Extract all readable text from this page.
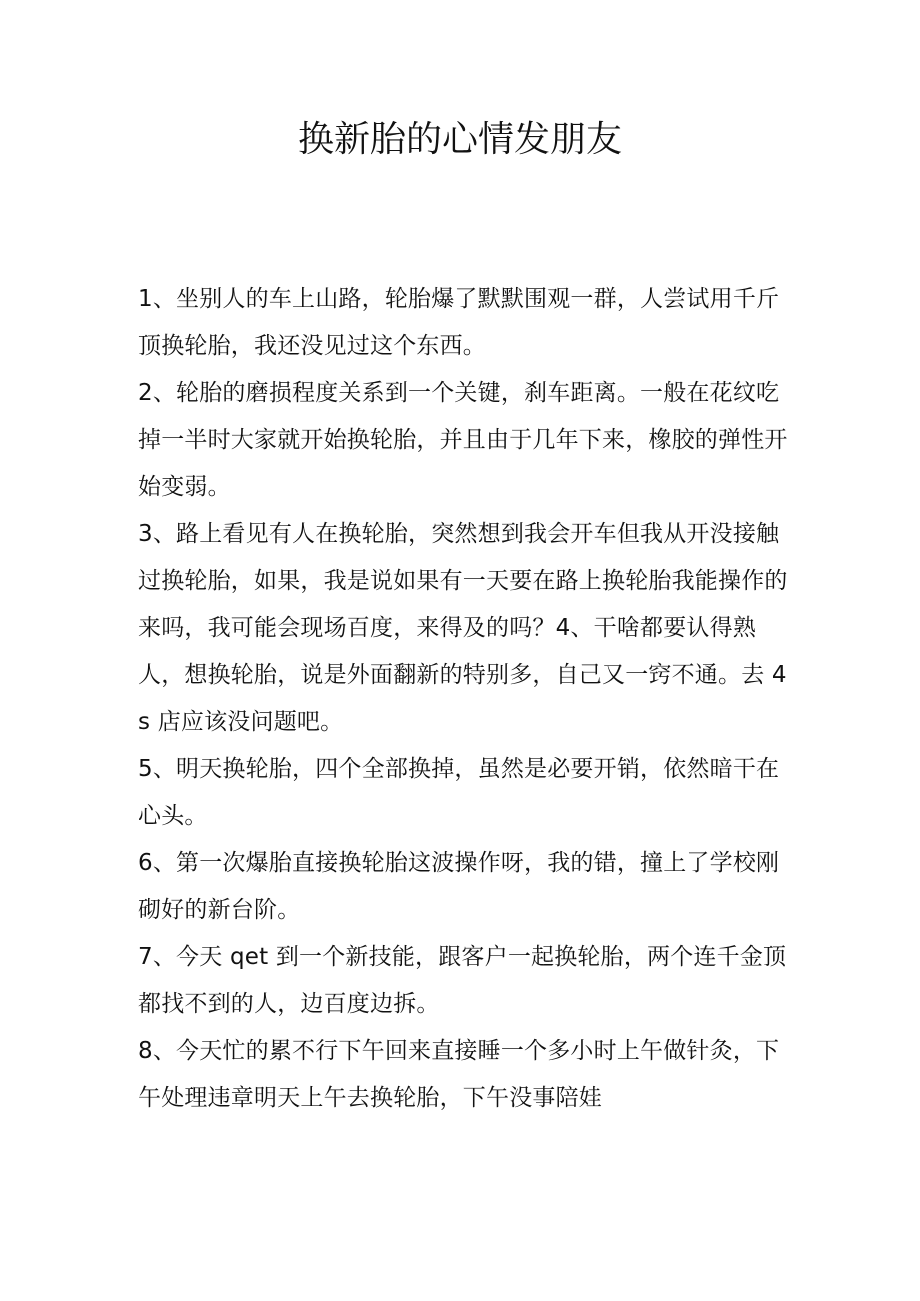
换新胎的心情发朋友

1、坐别人的车上山路，轮胎爆了默默围观一群，人尝试用千斤顶换轮胎，我还没见过这个东西。

2、轮胎的磨损程度关系到一个关键，刹车距离。一般在花纹吃掉一半时大家就开始换轮胎，并且由于几年下来，橡胶的弹性开始变弱。

3、路上看见有人在换轮胎，突然想到我会开车但我从开没接触过换轮胎，如果，我是说如果有一天要在路上换轮胎我能操作的来吗，我可能会现场百度，来得及的吗？4、干啥都要认得熟人，想换轮胎，说是外面翻新的特别多，自己又一窍不通。去 4s 店应该没问题吧。

5、明天换轮胎，四个全部换掉，虽然是必要开销，依然暗干在心头。

6、第一次爆胎直接换轮胎这波操作呀，我的错，撞上了学校刚砌好的新台阶。

7、今天 qet 到一个新技能，跟客户一起换轮胎，两个连千金顶都找不到的人，边百度边拆。

8、今天忙的累不行下午回来直接睡一个多小时上午做针灸，下午处理违章明天上午去换轮胎，下午没事陪娃
